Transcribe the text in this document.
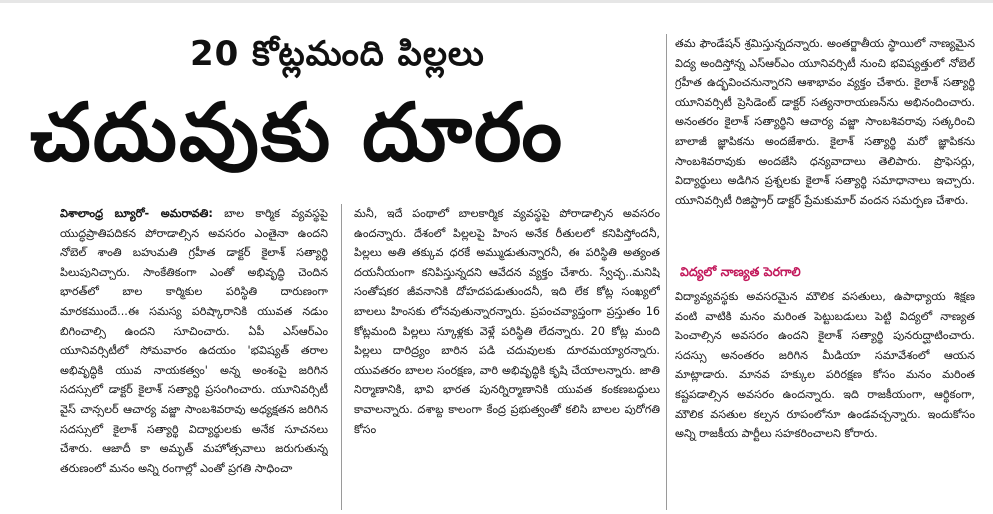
20 కోట్లమంది పిల్లలు
చదువుకు దూరం

విశాలాంధ్ర బ్యూరో- అమరావతి: బాల కార్మిక వ్యవస్థపై యుద్ధప్రాతిపదికన పోరాడాల్సిన అవసరం ఎంతైనా ఉందని నోబెల్ శాంతి బహుమతి గ్రహీత డాక్టర్ కైలాశ్ సత్యార్థి పిలుపునిచ్చారు. సాంకేతికంగా ఎంతో అభివృద్ధి చెందిన భారత్‌లో బాల కార్మికుల పరిస్థితి దారుణంగా మారకముందే...ఈ సమస్య పరిష్కారానికి యువత నడుం బిగించాల్సి ఉందని సూచించారు. ఏపీ ఎస్‌ఆర్‌ఎం యూనివర్సిటీలో సోమవారం ఉదయం 'భవిష్యత్ తరాల అభివృద్ధికి యువ నాయకత్వం' అన్న అంశంపై జరిగిన సదస్సులో డాక్టర్ కైలాశ్ సత్యార్థి ప్రసంగించారు. యూనివర్సిటీ వైస్ చాన్సలర్ ఆచార్య వజ్జా సాంబశివరావు అధ్యక్షతన జరిగిన సదస్సులో కైలాశ్ సత్యార్థి విద్యార్థులకు అనేక సూచనలు చేశారు. ఆజాదీ కా అమృత్ మహోత్సవాలు జరుగుతున్న తరుణంలో మనం అన్ని రంగాల్లో ఎంతో ప్రగతి సాధించా

మనీ, ఇదే పంథాలో బాలకార్మిక వ్యవస్థపై పోరాడాల్సిన అవసరం ఉందన్నారు. దేశంలో పిల్లలపై హింస అనేక రీతులలో కనిపిస్తోందనీ, పిల్లలు అతి తక్కువ ధరకే అమ్ముడుతున్నారనీ, ఈ పరిస్థితి అత్యంత దయనీయంగా కనిపిస్తున్నదని ఆవేదన వ్యక్తం చేశారు. స్వేచ్ఛ..మనిషి సంతోషకర జీవనానికి దోహదపడుతుందనీ, ఇది లేక కోట్ల సంఖ్యలో బాలలు హింసకు లోనవుతున్నారన్నారు. ప్రపంచవ్యాప్తంగా ప్రస్తుతం 16 కోట్లమంది పిల్లలు స్కూళ్లకు వెళ్లే పరిస్థితి లేదన్నారు. 20 కోట్ల మంది పిల్లలు దారిద్ర్యం బారిన పడి చదువులకు దూరమయ్యారన్నారు. యువతరం బాలల సంరక్షణ, వారి అభివృద్ధికి కృషి చేయాలన్నారు. జాతి నిర్మాణానికి, భావి భారత పునర్నిర్మాణానికి యువత కంకణబద్ధులు కావాలన్నారు. దశాబ్ద కాలంగా కేంద్ర ప్రభుత్వంతో కలిసి బాలల పురోగతి కోసం

తమ ఫౌండేషన్ శ్రమిస్తున్నదన్నారు. అంతర్జాతీయ స్థాయిలో నాణ్యమైన విద్య అందిస్తోన్న ఎస్‌ఆర్‌ఎం యూనివర్సిటీ నుంచి భవిష్యత్తులో నోబెల్ గ్రహీత ఉద్భవించనున్నారని ఆశాభావం వ్యక్తం చేశారు. కైలాశ్ సత్యార్థి యూనివర్సిటీ ప్రెసిడెంట్ డాక్టర్ సత్యనారాయణన్‌ను అభినందించారు. అనంతరం కైలాశ్ సత్యార్థిని ఆచార్య వజ్జా సాంబశివరావు సత్కరించి బాలాజీ జ్ఞాపికను అందజేశారు. కైలాశ్ సత్యార్థి మరో జ్ఞాపికను సాంబశివరావుకు అందజేసి ధన్యవాదాలు తెలిపారు. ప్రొఫెసర్లు, విద్యార్థులు అడిగిన ప్రశ్నలకు కైలాశ్ సత్యార్థి సమాధానాలు ఇచ్చారు. యూనివర్సిటీ రిజిస్ట్రార్ డాక్టర్ ప్రేమకుమార్ వందన సమర్పణ చేశారు.

విద్యలో నాణ్యత పెరగాలి

విద్యావ్యవస్థకు అవసరమైన మౌలిక వసతులు, ఉపాధ్యాయ శిక్షణ వంటి వాటికి మనం మరింత పెట్టుబడులు పెట్టి విద్యలో నాణ్యత పెంచాల్సిన అవసరం ఉందని కైలాశ్ సత్యార్థి పునరుద్ఘాటించారు. సదస్సు అనంతరం జరిగిన మీడియా సమావేశంలో ఆయన మాట్లాడారు. మానవ హక్కుల పరిరక్షణ కోసం మనం మరింత కష్టపడాల్సిన అవసరం ఉందన్నారు. ఇది రాజకీయంగా, ఆర్థికంగా, మౌలిక వసతుల కల్పన రూపంలోనూ ఉండవచ్చన్నారు. ఇందుకోసం అన్ని రాజకీయ పార్టీలు సహకరించాలని కోరారు.
